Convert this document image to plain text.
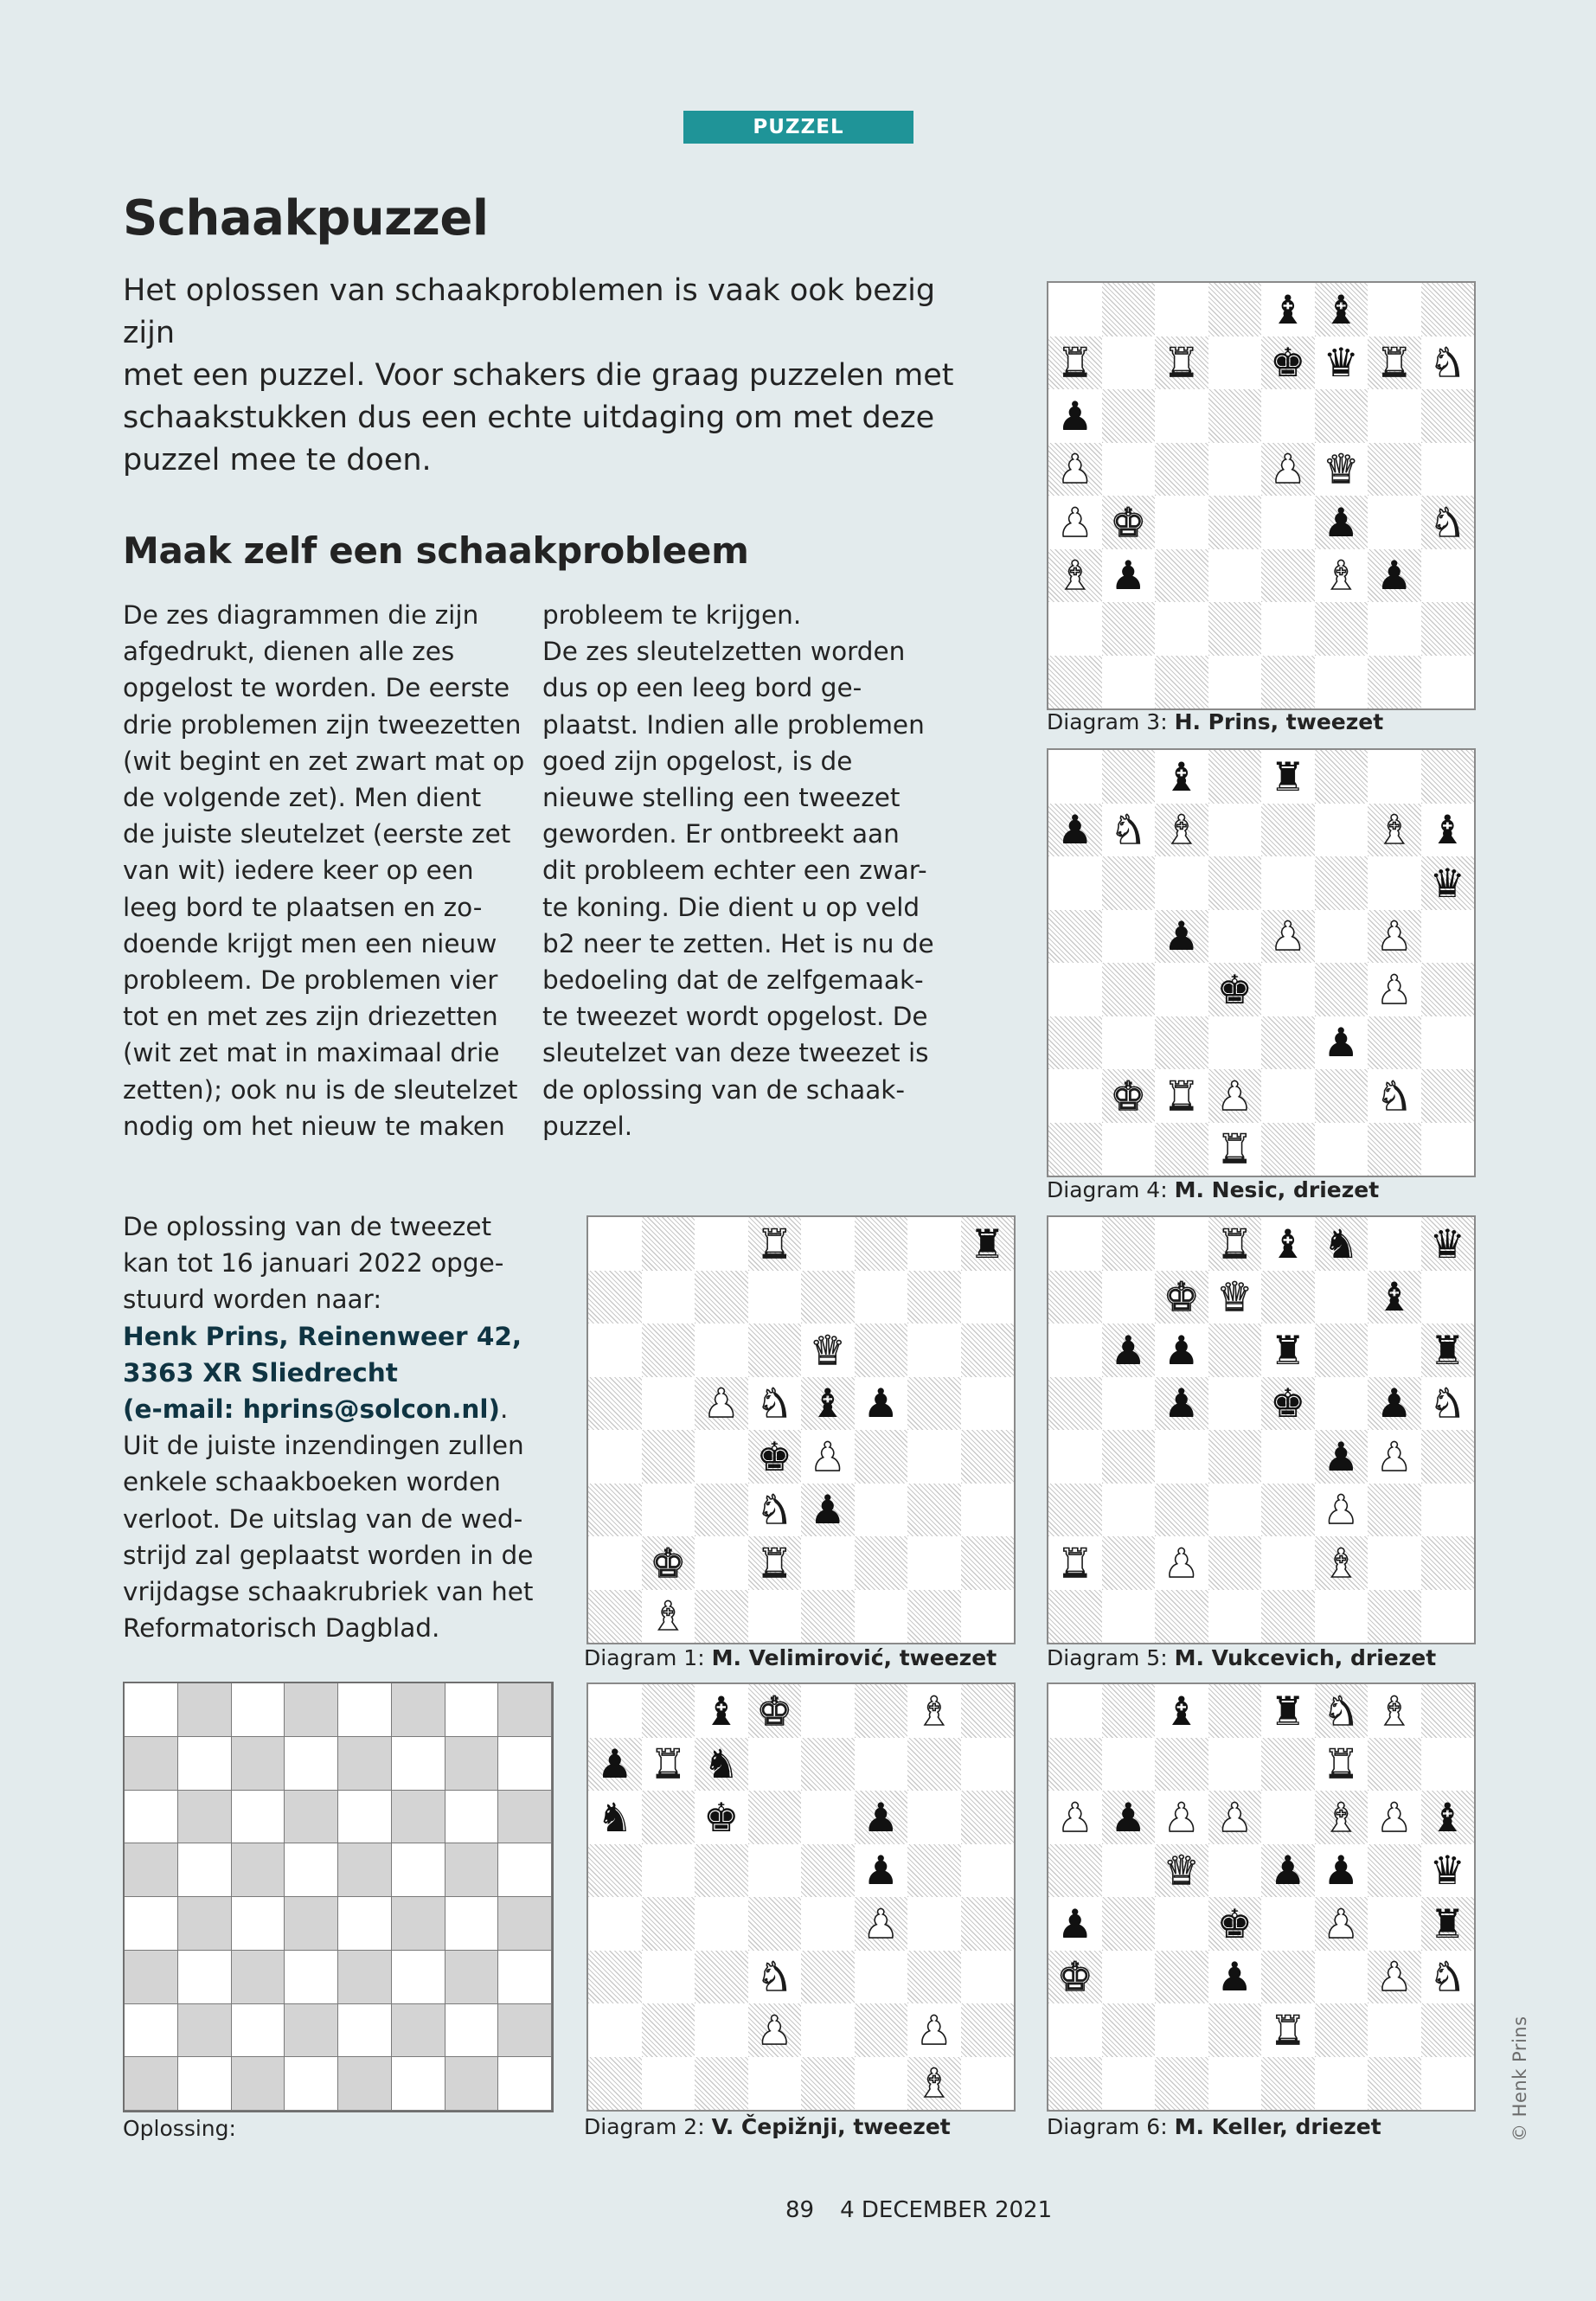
PUZZEL
Schaakpuzzel

Het oplossen van schaakproblemen is vaak ook bezig zijn
met een puzzel. Voor schakers die graag puzzelen met
schaakstukken dus een echte uitdaging om met deze
puzzel mee te doen.

Maak zelf een schaakprobleem

De zes diagrammen die zijn
afgedrukt, dienen alle zes
opgelost te worden. De eerste
drie problemen zijn tweezetten
(wit begint en zet zwart mat op
de volgende zet). Men dient
de juiste sleutelzet (eerste zet
van wit) iedere keer op een
leeg bord te plaatsen en zo-
doende krijgt men een nieuw
probleem. De problemen vier
tot en met zes zijn driezetten
(wit zet mat in maximaal drie
zetten); ook nu is de sleutelzet
nodig om het nieuw te maken

probleem te krijgen.
De zes sleutelzetten worden
dus op een leeg bord ge-
plaatst. Indien alle problemen
goed zijn opgelost, is de
nieuwe stelling een tweezet
geworden. Er ontbreekt aan
dit probleem echter een zwar-
te koning. Die dient u op veld
b2 neer te zetten. Het is nu de
bedoeling dat de zelfgemaak-
te tweezet wordt opgelost. De
sleutelzet van deze tweezet is
de oplossing van de schaak-
puzzel.

De oplossing van de tweezet
kan tot 16 januari 2022 opge-
stuurd worden naar:
Henk Prins, Reinenweer 42,
3363 XR Sliedrecht
(e-mail: hprins@solcon.nl).
Uit de juiste inzendingen zullen
enkele schaakboeken worden
verloot. De uitslag van de wed-
strijd zal geplaatst worden in de
vrijdagse schaakrubriek van het
Reformatorisch Dagblad.

♝ ♝
♜ ♜ ♚ ♛ ♜ ♞
♟
♟	♟ ♛
♟ ♚	♟ ♞
♝ ♟	♝ ♟
Diagram 3: H. Prins, tweezet
♝ ♜
♟ ♞ ♝	♝ ♝
♛
♟ ♟ ♟
♚	♟
♟
♚ ♜ ♟	♞
♜
Diagram 4: M. Nesic, driezet
♜	♜
♛
♟ ♞ ♝ ♟
♚ ♟
♞ ♟
♚ ♜
♝
Diagram 1: M. Velimirović, tweezet
♜ ♝ ♞ ♛
♚ ♛	♝
♟ ♟ ♜	♜
♟ ♚ ♟ ♞
♟ ♟
♟
♜ ♟	♝
Diagram 5: M. Vukcevich, driezet
♝ ♚	♝
♟ ♜ ♞
♞ ♚	♟
♟
♟
♞
♟	♟
♝
Diagram 2: V. Čepižnji, tweezet
♝ ♜ ♞ ♝
♜
♟ ♟ ♟ ♟ ♝ ♟ ♝
♛ ♟ ♟ ♛
♟	♚ ♟ ♜
♚	♟	♟ ♞
♜
Diagram 6: M. Keller, driezet
Oplossing:	© Henk Prins
89 4 DECEMBER 2021
